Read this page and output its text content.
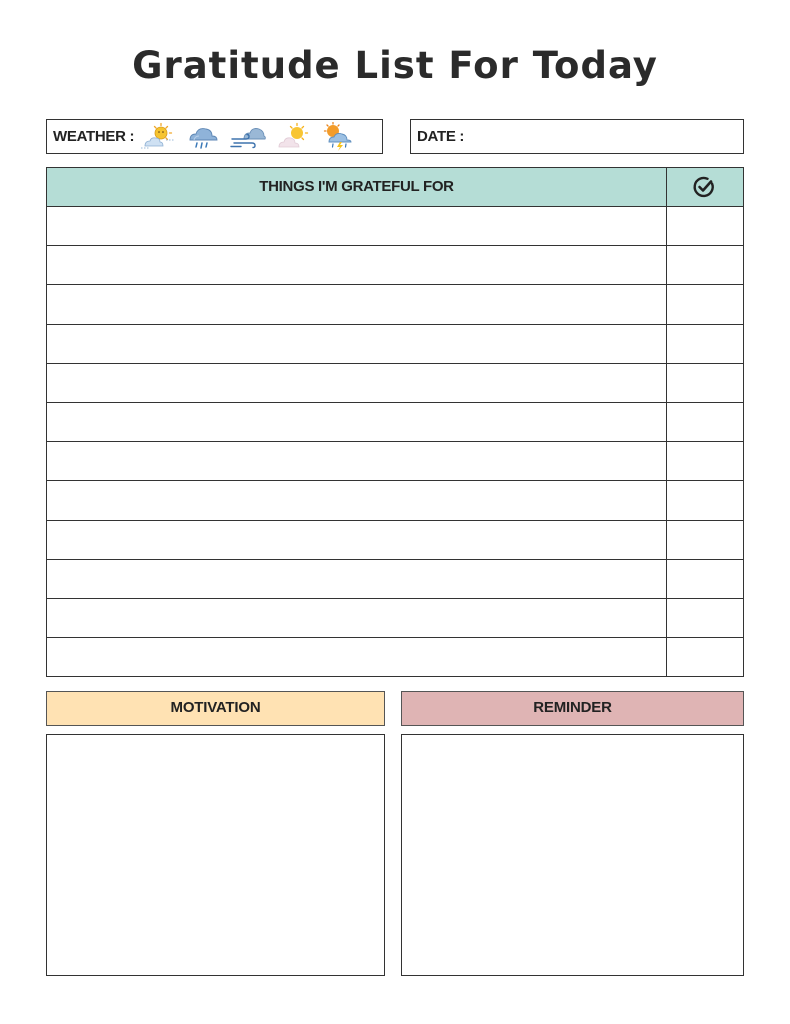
Gratitude List For Today
WEATHER :	DATE :
THINGS I'M GRATEFUL FOR
MOTIVATION	REMINDER
